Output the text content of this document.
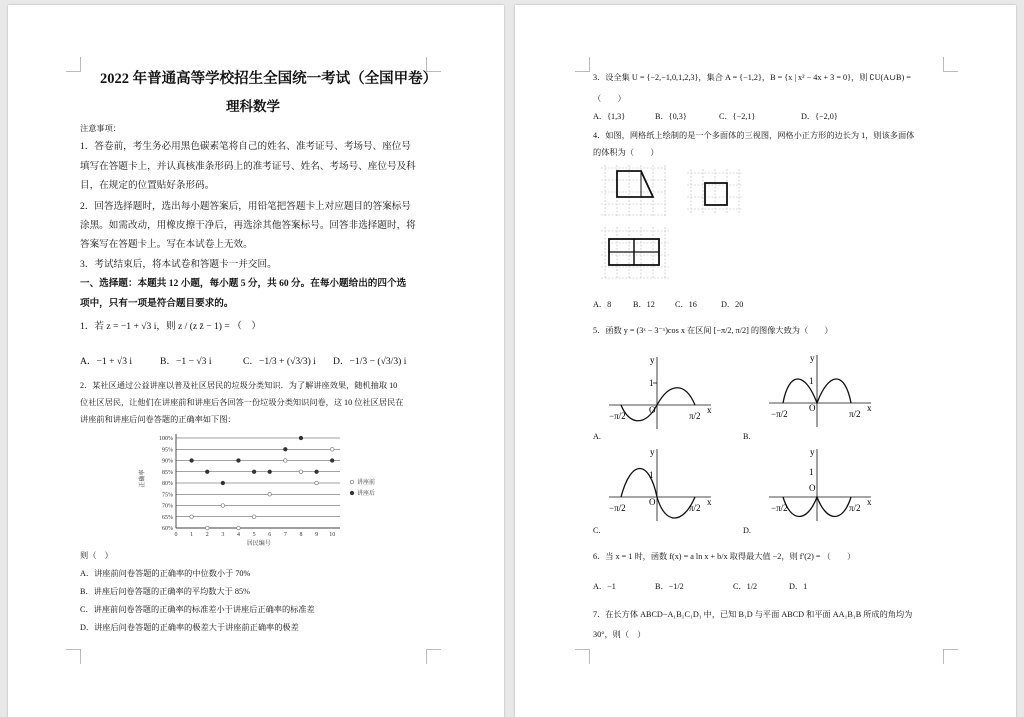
2022 年普通高等学校招生全国统一考试（全国甲卷）
理科数学
注意事项：
1．答卷前，考生务必用黑色碳素笔将自己的姓名、准考证号、考场号、座位号
填写在答题卡上，并认真核准条形码上的准考证号、姓名、考场号、座位号及科
目，在规定的位置贴好条形码。
2．回答选择题时，选出每小题答案后，用铅笔把答题卡上对应题目的答案标号
涂黑。如需改动，用橡皮擦干净后，再选涂其他答案标号。回答非选择题时，将
答案写在答题卡上。写在本试卷上无效。
3．考试结束后，将本试卷和答题卡一并交回。
一、选择题：本题共 12 小题，每小题 5 分，共 60 分。在每小题给出的四个选
项中，只有一项是符合题目要求的。
1．若 z = −1 + √3 i，则 z / (z z̄ − 1) = （　）
A．−1 + √3 i	B．−1 − √3 i	C．−1/3 + (√3/3) i D．−1/3 − (√3/3) i
2．某社区通过公益讲座以普及社区居民的垃圾分类知识．为了解讲座效果，随机抽取 10
位社区居民，让他们在讲座前和讲座后各回答一份垃圾分类知识问卷，这 10 位社区居民在
讲座前和讲座后问卷答题的正确率如下图：
60%
65%
70%
75%
80%
85%
90%
95%
100%
0 1 2 3 4 5 6 7 8 9 10
居民编号
正确率	讲座前
讲座后
则（　）
A．讲座前问卷答题的正确率的中位数小于 70%
B．讲座后问卷答题的正确率的平均数大于 85%
C．讲座前问卷答题的正确率的标准差小于讲座后正确率的标准差
D．讲座后问卷答题的正确率的极差大于讲座前正确率的极差
3．设全集 U = {−2,−1,0,1,2,3}，集合 A = {−1,2}，B = {x | x² − 4x + 3 = 0}，则 ∁U(A∪B) =
（　　）
A．{1,3}	B．{0,3}	C．{−2,1}	D．{−2,0}
4．如图，网格纸上绘制的是一个多面体的三视图，网格小正方形的边长为 1，则该多面体
的体积为（　　）
A．8	B．12 C．16	D．20
5．函数 y = (3ˣ − 3⁻ˣ)cos x 在区间 [−π/2, π/2] 的图像大致为（　　）
y
x
O
1
−π/2	π/2
A.
y
x
O
1
−π/2	π/2
B.
y
x
O
1
−π/2	π/2
C.
y
x
O
1
−π/2	π/2
D.
6．当 x = 1 时，函数 f(x) = a ln x + b/x 取得最大值 −2，则 f′(2) = （　　）
A．−1	B．−1/2	C．1/2	D．1
7．在长方体 ABCD−A₁B₁C₁D₁ 中，已知 B₁D 与平面 ABCD 和平面 AA₁B₁B 所成的角均为
30°，则（　）
